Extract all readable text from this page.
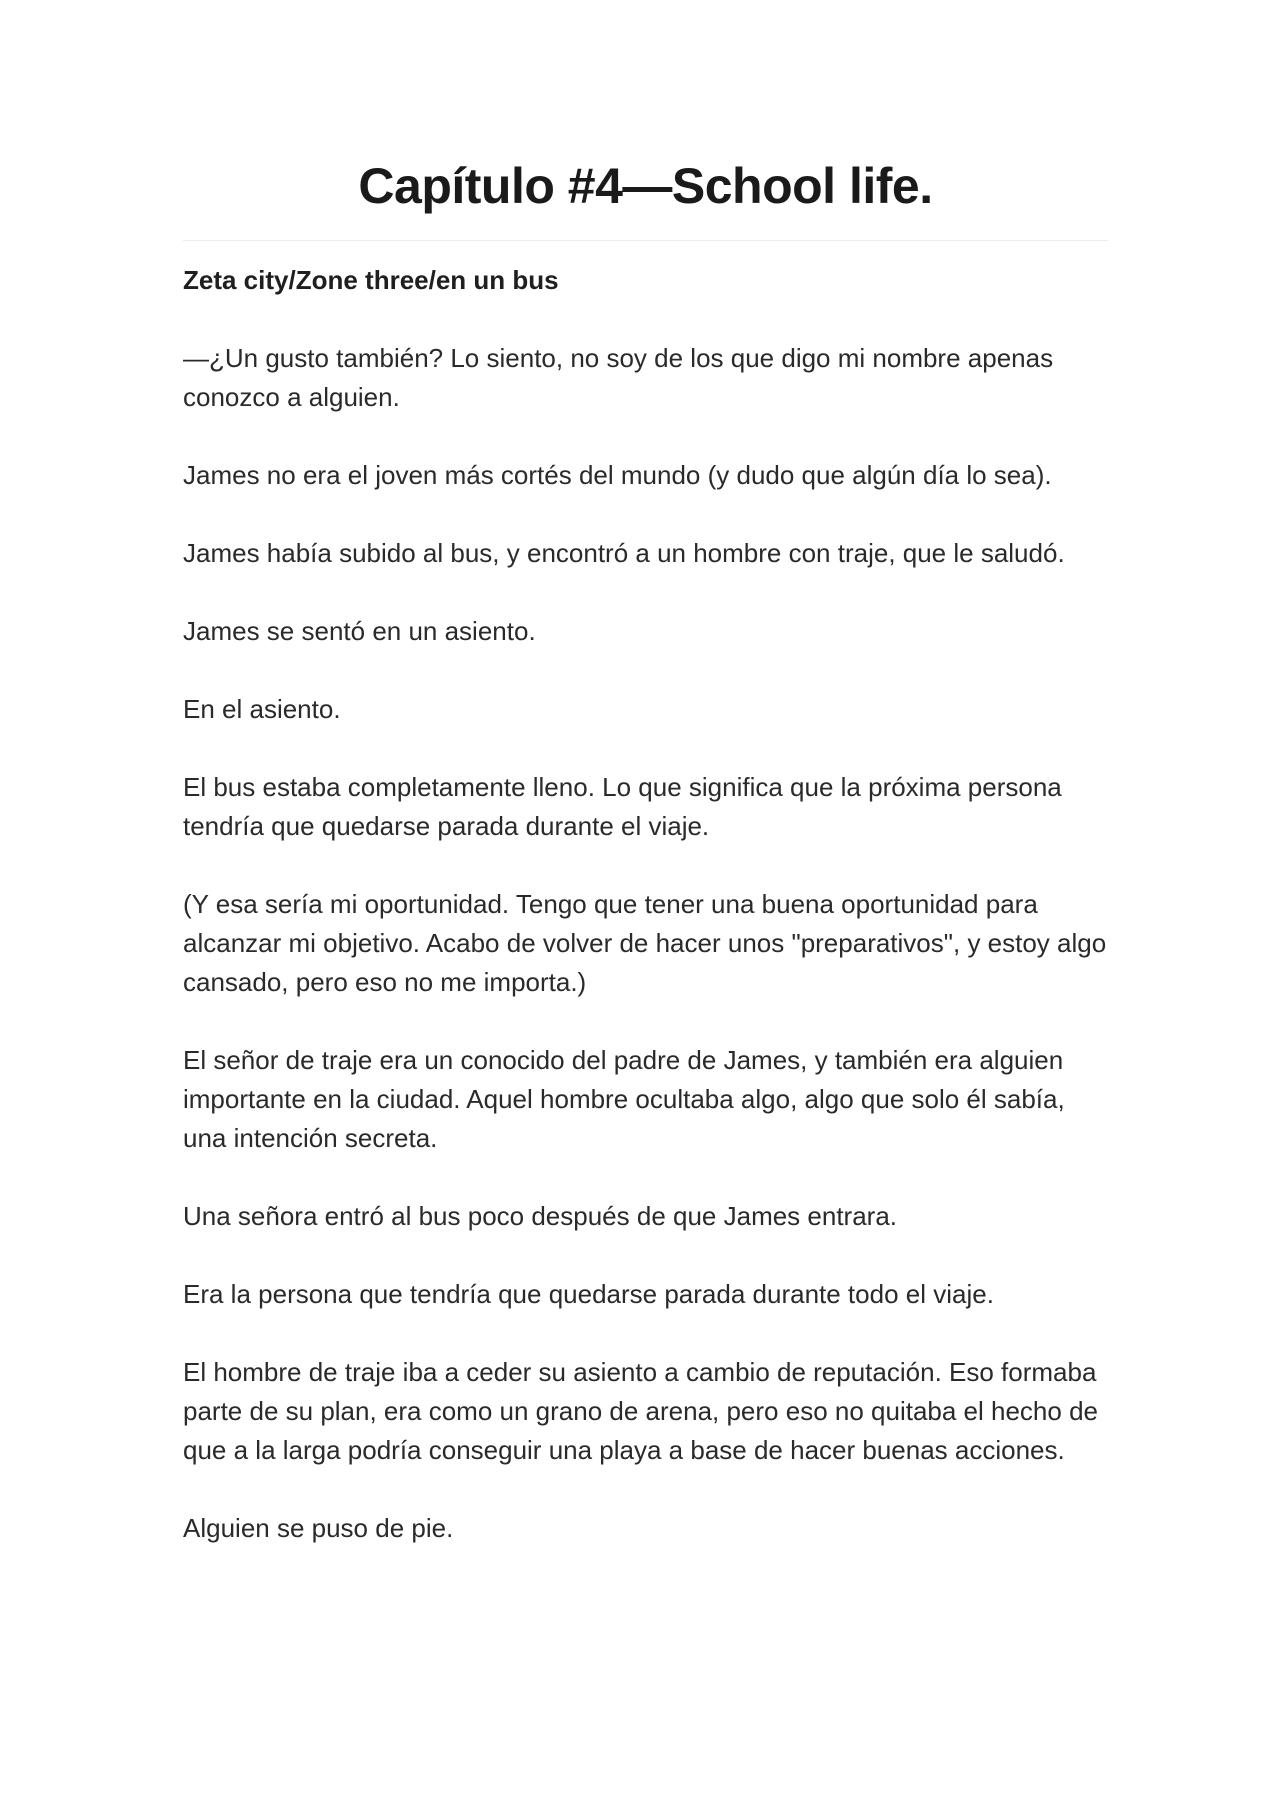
Capítulo #4—School life.

Zeta city/Zone three/en un bus

—¿Un gusto también? Lo siento, no soy de los que digo mi nombre apenas conozco a alguien.

James no era el joven más cortés del mundo (y dudo que algún día lo sea).

James había subido al bus, y encontró a un hombre con traje, que le saludó.

James se sentó en un asiento.

En el asiento.

El bus estaba completamente lleno. Lo que significa que la próxima persona tendría que quedarse parada durante el viaje.

(Y esa sería mi oportunidad. Tengo que tener una buena oportunidad para alcanzar mi objetivo. Acabo de volver de hacer unos "preparativos", y estoy algo cansado, pero eso no me importa.)

El señor de traje era un conocido del padre de James, y también era alguien importante en la ciudad. Aquel hombre ocultaba algo, algo que solo él sabía, una intención secreta.

Una señora entró al bus poco después de que James entrara.

Era la persona que tendría que quedarse parada durante todo el viaje.

El hombre de traje iba a ceder su asiento a cambio de reputación. Eso formaba parte de su plan, era como un grano de arena, pero eso no quitaba el hecho de que a la larga podría conseguir una playa a base de hacer buenas acciones.

Alguien se puso de pie.
